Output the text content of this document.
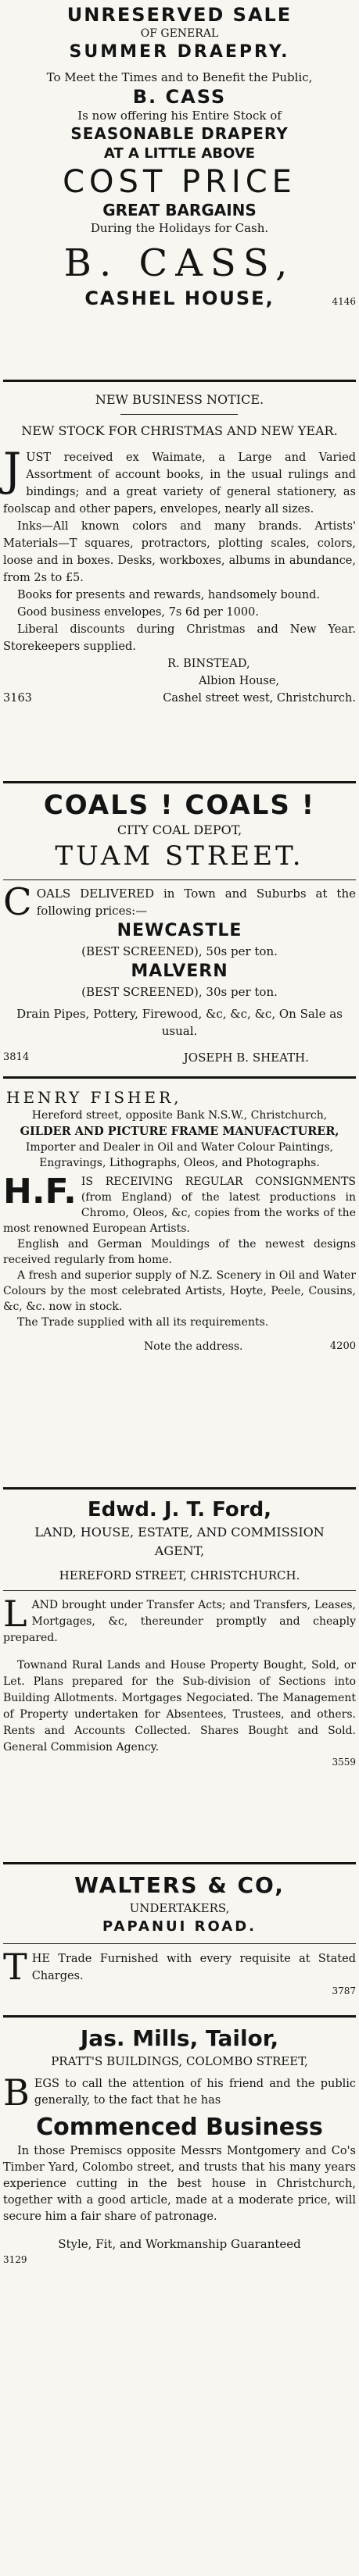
UNRESERVED SALE

OF GENERAL

SUMMER DRAEPRY.

To Meet the Times and to Benefit the Public,

B. CASS

Is now offering his Entire Stock of

SEASONABLE DRAPERY

AT A LITTLE ABOVE

COST PRICE

GREAT BARGAINS

During the Holidays for Cash.

B. CASS,

CASHEL HOUSE,	4146

NEW BUSINESS NOTICE.

NEW STOCK FOR CHRISTMAS AND NEW YEAR.

J UST received ex Waimate, a Large and Varied Assortment of account books, in the usual rulings and bindings; and a great variety of general stationery, as foolscap and other papers, envelopes, nearly all sizes.

Inks—All known colors and many brands. Artists' Materials—T squares, protractors, plotting scales, colors, loose and in boxes. Desks, workboxes, albums in abundance, from 2s to £5.

Books for presents and rewards, handsomely bound.

Good business envelopes, 7s 6d per 1000.

Liberal discounts during Christmas and New Year. Storekeepers supplied.

R. BINSTEAD,

Albion House,

3163	Cashel street west, Christchurch.

COALS ! COALS !

CITY COAL DEPOT,

TUAM STREET.

C OALS DELIVERED in Town and Suburbs at the following prices:—

NEWCASTLE

(BEST SCREENED), 50s per ton.

MALVERN

(BEST SCREENED), 30s per ton.

Drain Pipes, Pottery, Firewood, &c, &c, &c, On Sale as usual.

3814	JOSEPH B. SHEATH.

HENRY FISHER,

Hereford street, opposite Bank N.S.W., Christchurch,

GILDER AND PICTURE FRAME MANUFACTURER,

Importer and Dealer in Oil and Water Colour Paintings,

Engravings, Lithographs, Oleos, and Photographs.

H.F. IS RECEIVING REGULAR CONSIGNMENTS (from England) of the latest productions in Chromo, Oleos, &c, copies from the works of the most renowned European Artists.

English and German Mouldings of the newest designs received regularly from home.

A fresh and superior supply of N.Z. Scenery in Oil and Water Colours by the most celebrated Artists, Hoyte, Peele, Cousins, &c, &c. now in stock.

The Trade supplied with all its requirements.

Note the address.	4200

Edwd. J. T. Ford,

LAND, HOUSE, ESTATE, AND COMMISSION AGENT,

HEREFORD STREET, CHRISTCHURCH.

L AND brought under Transfer Acts; and Transfers, Leases, Mortgages, &c, thereunder promptly and cheaply prepared.

Townand Rural Lands and House Property Bought, Sold, or Let. Plans prepared for the Sub-division of Sections into Building Allotments. Mortgages Negociated. The Management of Property undertaken for Absentees, Trustees, and others. Rents and Accounts Collected. Shares Bought and Sold. General Commision Agency.

3559

WALTERS & CO,

UNDERTAKERS,

PAPANUI ROAD.

T HE Trade Furnished with every requisite at Stated Charges.

3787

Jas. Mills, Tailor,

PRATT'S BUILDINGS, COLOMBO STREET,

B EGS to call the attention of his friend and the public generally, to the fact that he has

Commenced Business

In those Premiscs opposite Messrs Montgomery and Co's Timber Yard, Colombo street, and trusts that his many years experience cutting in the best house in Christchurch, together with a good article, made at a moderate price, will secure him a fair share of patronage.

Style, Fit, and Workmanship Guaranteed

3129
